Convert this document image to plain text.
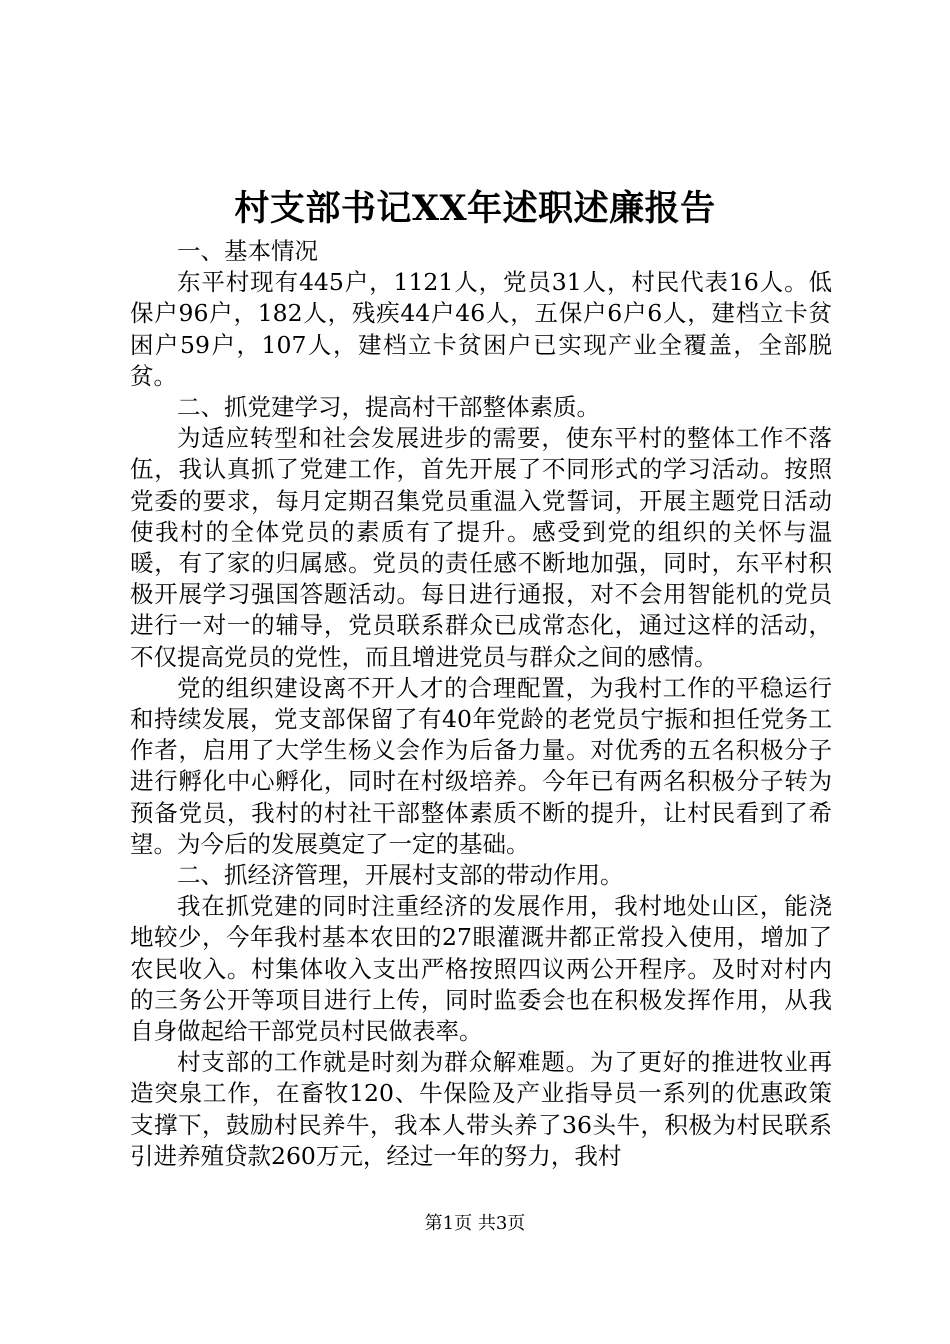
村支部书记XX年述职述廉报告

一、基本情况

东平村现有445户，1121人，党员31人，村民代表16人。低保户96户，182人，残疾44户46人，五保户6户6人，建档立卡贫困户59户，107人，建档立卡贫困户已实现产业全覆盖，全部脱贫。

二、抓党建学习，提高村干部整体素质。

为适应转型和社会发展进步的需要，使东平村的整体工作不落伍，我认真抓了党建工作，首先开展了不同形式的学习活动。按照党委的要求，每月定期召集党员重温入党誓词，开展主题党日活动使我村的全体党员的素质有了提升。感受到党的组织的关怀与温暖，有了家的归属感。党员的责任感不断地加强，同时，东平村积极开展学习强国答题活动。每日进行通报，对不会用智能机的党员进行一对一的辅导，党员联系群众已成常态化，通过这样的活动，不仅提高党员的党性，而且增进党员与群众之间的感情。

党的组织建设离不开人才的合理配置，为我村工作的平稳运行和持续发展，党支部保留了有40年党龄的老党员宁振和担任党务工作者，启用了大学生杨义会作为后备力量。对优秀的五名积极分子进行孵化中心孵化，同时在村级培养。今年已有两名积极分子转为预备党员，我村的村社干部整体素质不断的提升，让村民看到了希望。为今后的发展奠定了一定的基础。

二、抓经济管理，开展村支部的带动作用。

我在抓党建的同时注重经济的发展作用，我村地处山区，能浇地较少，今年我村基本农田的27眼灌溉井都正常投入使用，增加了农民收入。村集体收入支出严格按照四议两公开程序。及时对村内的三务公开等项目进行上传，同时监委会也在积极发挥作用，从我自身做起给干部党员村民做表率。

村支部的工作就是时刻为群众解难题。为了更好的推进牧业再造突泉工作，在畜牧120、牛保险及产业指导员一系列的优惠政策支撑下，鼓励村民养牛，我本人带头养了36头牛，积极为村民联系引进养殖贷款260万元，经过一年的努力，我村

第1页 共3页
